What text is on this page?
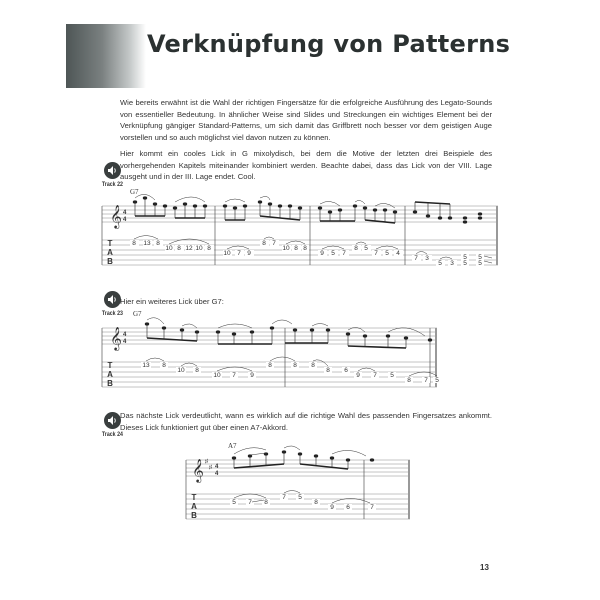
Verknüpfung von Patterns
Wie bereits erwähnt ist die Wahl der richtigen Fingersätze für die erfolgreiche Ausführung des Legato-Sounds von essentieller Bedeutung. In ähnlicher Weise sind Slides und Streckungen ein wichtiges Element bei der Verknüpfung gängiger Standard-Patterns, um sich damit das Griffbrett noch besser vor dem geistigen Auge vorstellen und so auch möglichst viel davon nutzen zu können.
Hier kommt ein cooles Lick in G mixolydisch, bei dem die Motive der letzten drei Beispiele des vorhergehenden Kapitels miteinander kombiniert werden. Beachte dabei, dass das Lick von der VIII. Lage ausgeht und in der III. Lage endet. Cool.
Track 22
G7
𝄞 4
4
T
A
B
8 13 8
10 8 12 10 8
10 7 9
8 7
10 8 8
9 5 7
8 5
7 5 4
7 3
5 3
5
5
5
5
Track 23
Hier ein weiteres Lick über G7:
G7
𝄞 4
4
T
A
B
13 8
10 8
10 7 9
8	8 8
8 6
9 7 5
8 7 5
Das nächste Lick verdeutlicht, wann es wirklich auf die richtige Wahl des passenden Fingersatzes ankommt. Dieses Lick funktioniert gut über einen A7-Akkord.
Track 24
A7
𝄞 ♯
♯ 4
4
T
A
B
5 7 8
7 5
8
9 6	7
13
